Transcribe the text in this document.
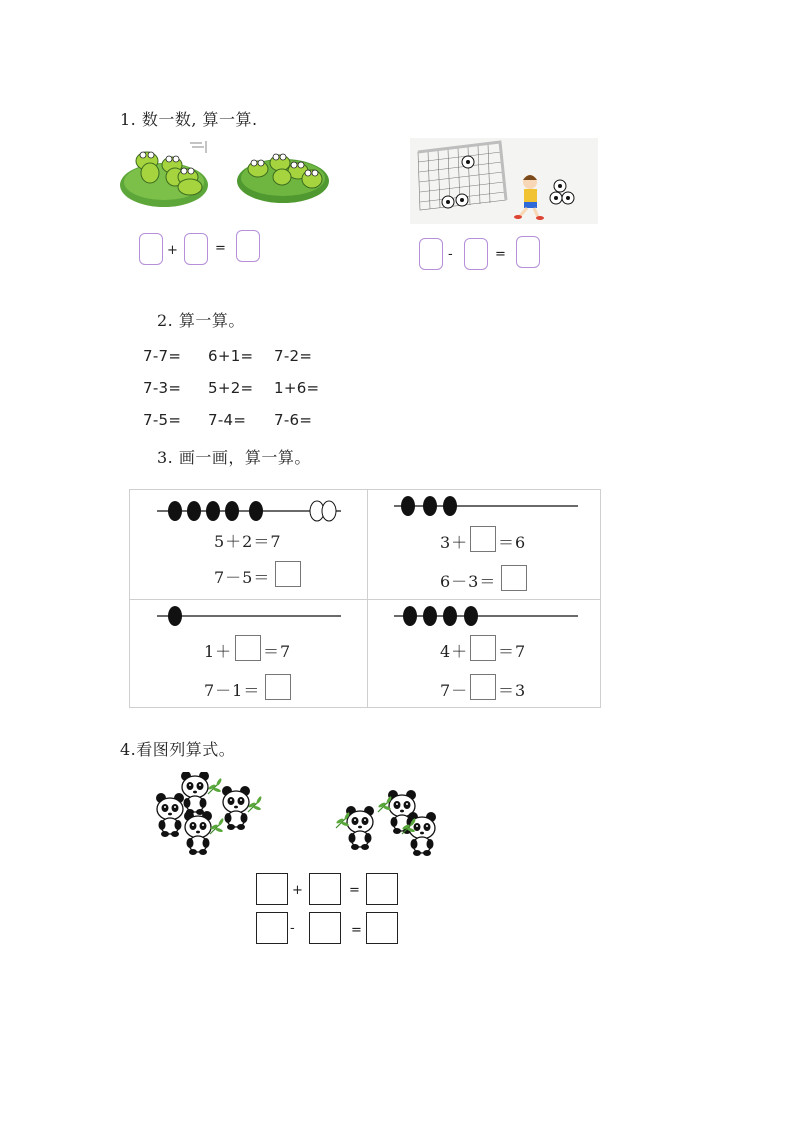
1. 数一数, 算一算.
+	=	-	=
2. 算一算。
7-7= 6+1= 7-2=
7-3= 5+2= 1+6=
7-5= 7-4= 7-6=
3. 画一画，算一算。
5＋2＝7
7－5＝
3＋ ＝6
6－3＝
1＋ ＝7
7－1＝
4＋ ＝7
7－ ＝3
4.看图列算式。
+	=
-	=
